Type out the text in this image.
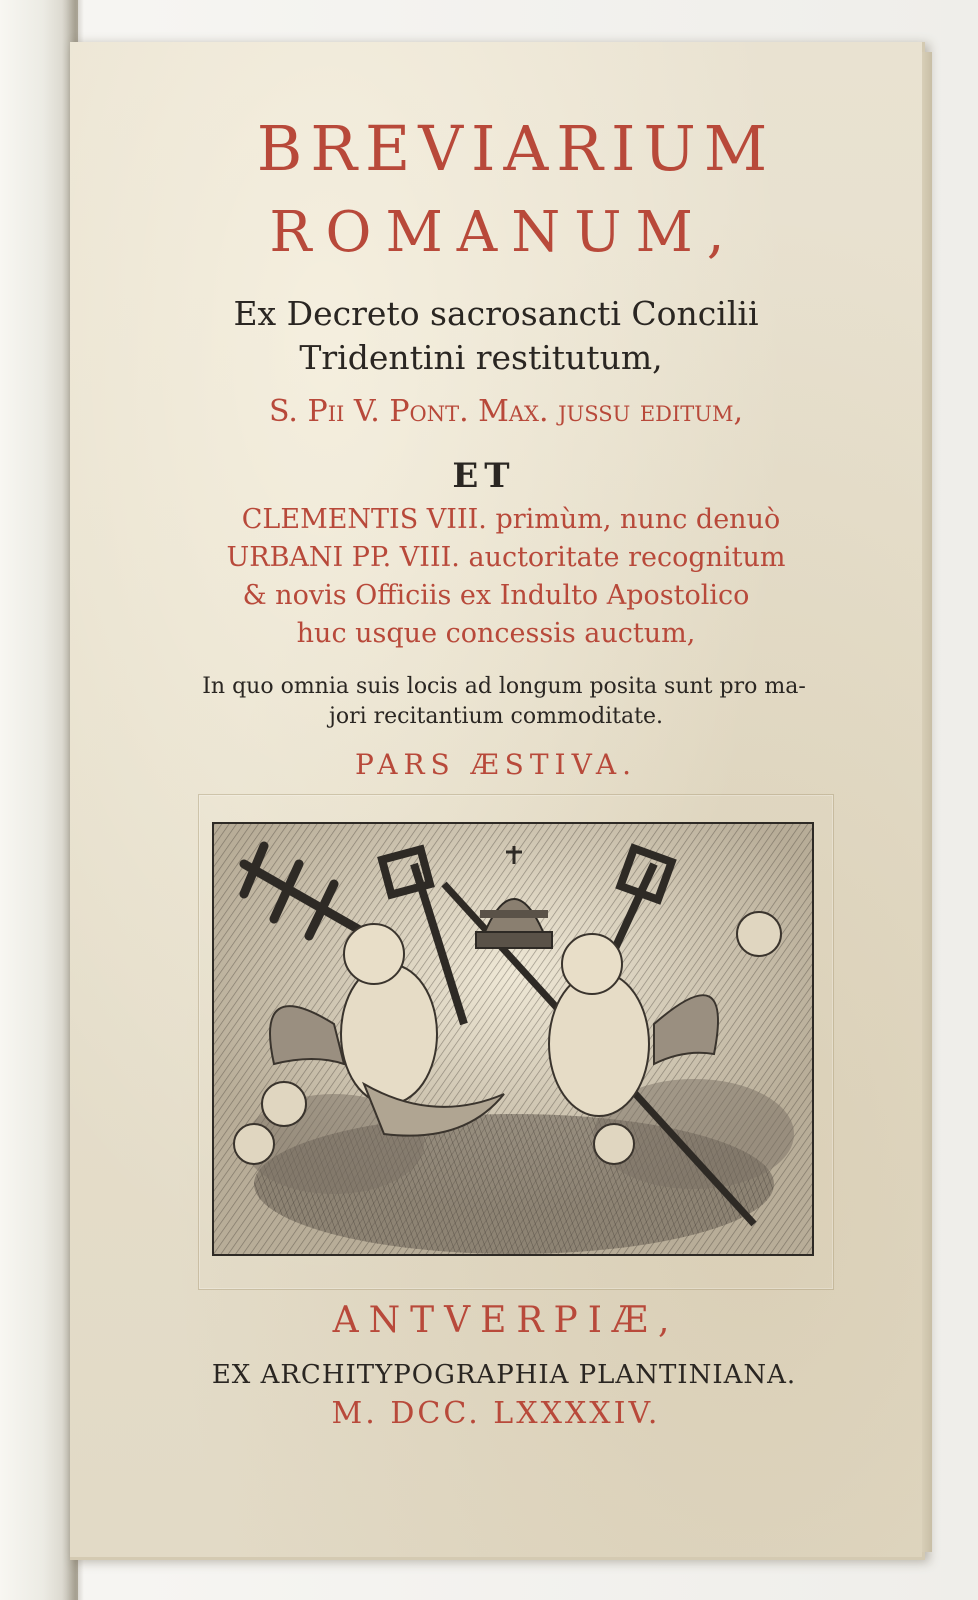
BREVIARIUM
ROMANUM,
Ex Decreto sacrosancti Concilii
Tridentini restitutum,
S. Pii V. Pont. Max. jussu editum,
ET
CLEMENTIS VIII. primùm, nunc denuò
URBANI PP. VIII. auctoritate recognitum
& novis Officiis ex Indulto Apostolico
huc usque concessis auctum,
In quo omnia suis locis ad longum posita sunt pro ma-
jori recitantium commoditate.
PARS ÆSTIVA.
ANTVERPIÆ,
EX ARCHITYPOGRAPHIA PLANTINIANA.
M. DCC. LXXXXIV.
